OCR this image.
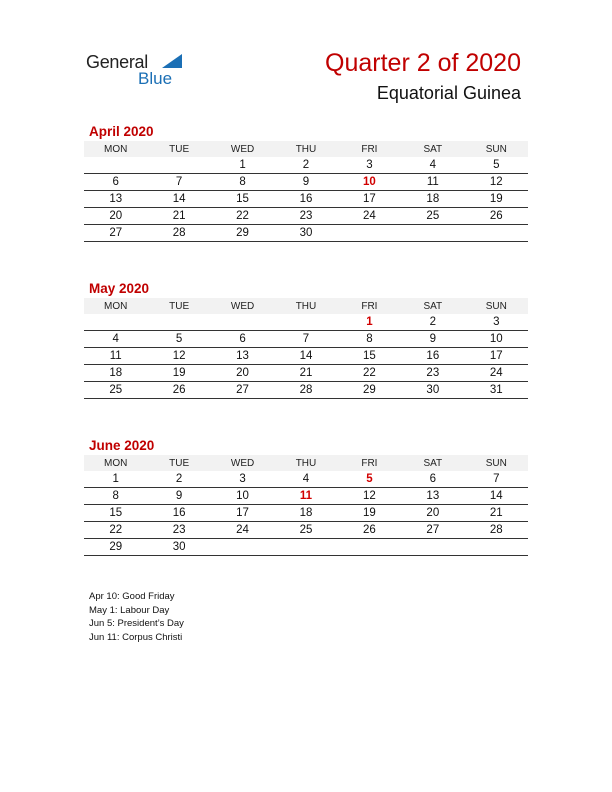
General
Blue
Quarter 2 of 2020
Equatorial Guinea
April 2020
MON	TUE	WED	THU	FRI	SAT	SUN
		1	2	3	4	5
6	7	8	9	10	11	12
13	14	15	16	17	18	19
20	21	22	23	24	25	26
27	28	29	30			
May 2020
MON	TUE	WED	THU	FRI	SAT	SUN
				1	2	3
4	5	6	7	8	9	10
11	12	13	14	15	16	17
18	19	20	21	22	23	24
25	26	27	28	29	30	31
June 2020
MON	TUE	WED	THU	FRI	SAT	SUN
1	2	3	4	5	6	7
8	9	10	11	12	13	14
15	16	17	18	19	20	21
22	23	24	25	26	27	28
29	30					
Apr 10: Good Friday
May 1: Labour Day
Jun 5: President’s Day
Jun 11: Corpus Christi
